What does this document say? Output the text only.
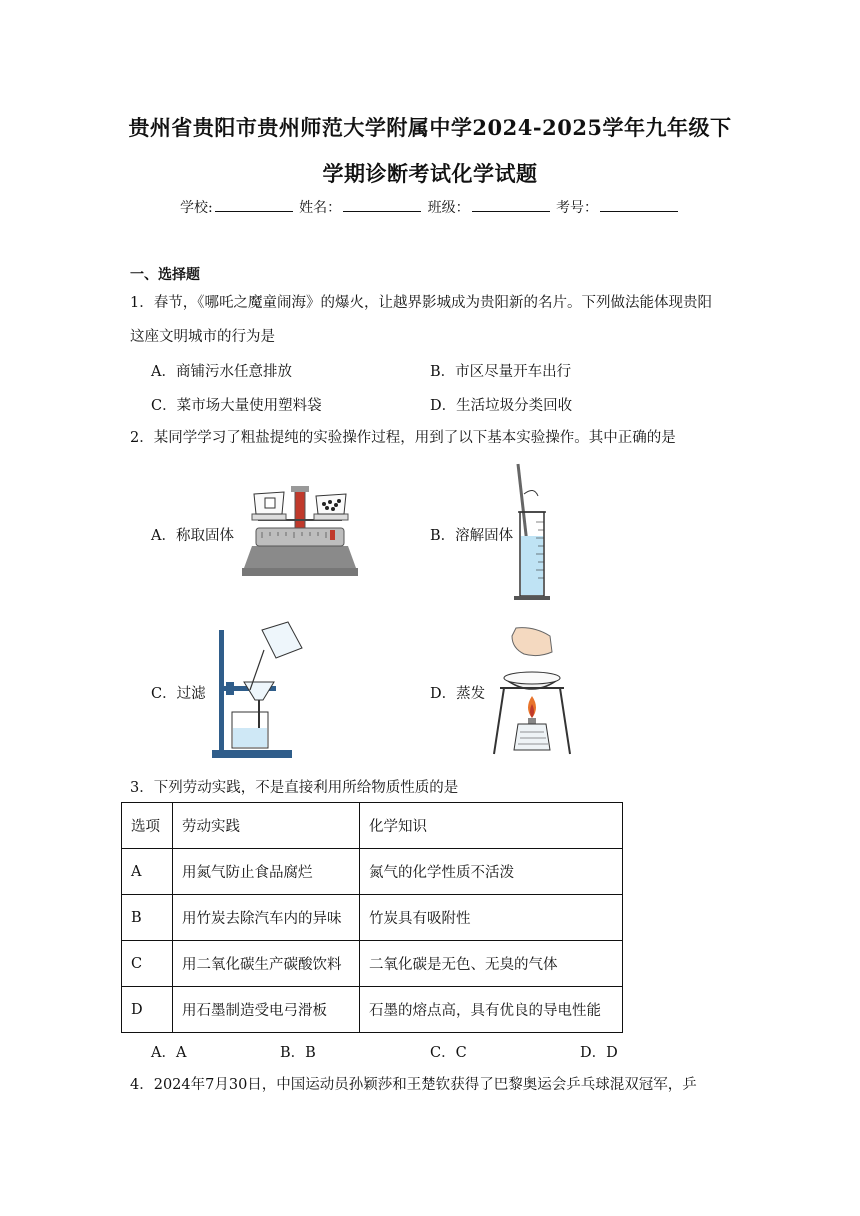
贵州省贵阳市贵州师范大学附属中学2024-2025学年九年级下
学期诊断考试化学试题
学校:	姓名：	班级：	考号：
一、选择题
1．春节，《哪吒之魔童闹海》的爆火，让越界影城成为贵阳新的名片。下列做法能体现贵阳
这座文明城市的行为是
A．商铺污水任意排放	B．市区尽量开车出行
C．菜市场大量使用塑料袋	D．生活垃圾分类回收
2．某同学学习了粗盐提纯的实验操作过程，用到了以下基本实验操作。其中正确的是
A．称取固体	B．溶解固体
C．过滤	D．蒸发
3．下列劳动实践，不是直接利用所给物质性质的是
选项	劳动实践	化学知识
A	用氮气防止食品腐烂	氮气的化学性质不活泼
B	用竹炭去除汽车内的异味	竹炭具有吸附性
C	用二氧化碳生产碳酸饮料	二氧化碳是无色、无臭的气体
D	用石墨制造受电弓滑板	石墨的熔点高，具有优良的导电性能
A．A	B．B	C．C	D．D
4．2024年7月30日，中国运动员孙颖莎和王楚钦获得了巴黎奥运会乒乓球混双冠军，乒
